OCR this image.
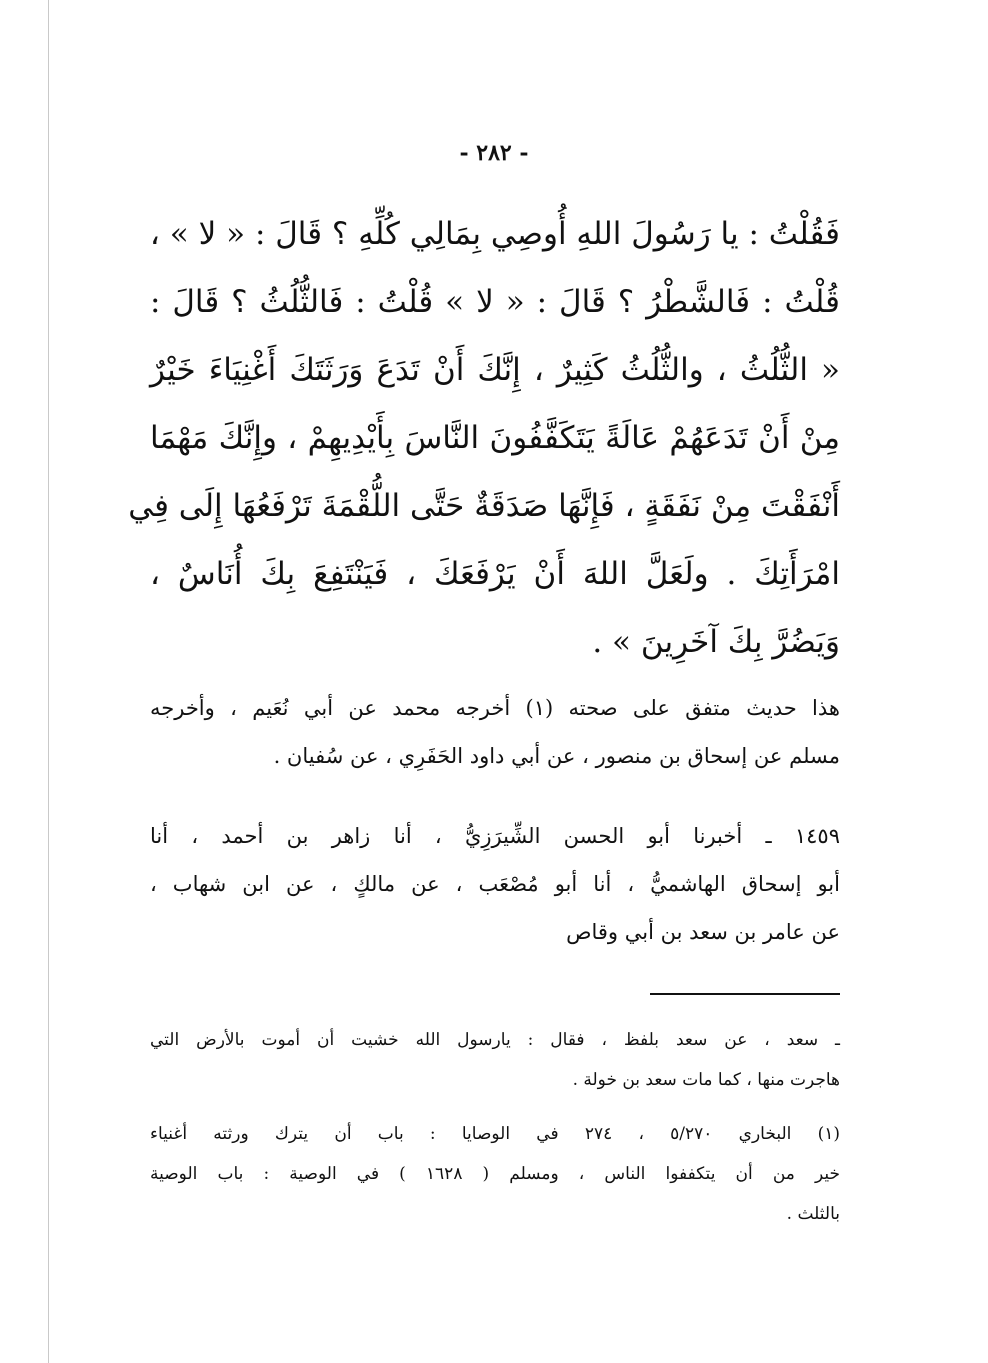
- ٢٨٢ -
فَقُلْتُ : يا رَسُولَ اللهِ أُوصِي بِمَالِي كُلِّهِ ؟ قَالَ : « لا » ،
قُلْتُ : فَالشَّطْرُ ؟ قَالَ : « لا » قُلْتُ : فَالثُّلُثُ ؟ قَالَ :
« الثُّلُثُ ، والثُّلُثُ كَثِيرٌ ، إِنَّكَ أَنْ تَدَعَ وَرَثَتَكَ أَغْنِيَاءَ خَيْرٌ
مِنْ أَنْ تَدَعَهُمْ عَالَةً يَتَكَفَّفُونَ النَّاسَ بِأَيْدِيهِمْ ، وإِنَّكَ مَهْمَا
أَنْفَقْتَ مِنْ نَفَقَةٍ ، فَإِنَّهَا صَدَقَةٌ حَتَّى اللُّقْمَةَ تَرْفَعُهَا إِلَى فِي
امْرَأَتِكَ . ولَعَلَّ اللهَ أَنْ يَرْفَعَكَ ، فَيَنْتَفِعَ بِكَ أُنَاسٌ ،
وَيَضُرَّ بِكَ آخَرِينَ » .
هذا حديث متفق على صحته (١) أخرجه محمد عن أبي نُعَيم ، وأخرجه
مسلم عن إسحاق بن منصور ، عن أبي داود الحَفَرِي ، عن سُفيان .
١٤٥٩ ـ أخبرنا أبو الحسن الشِّيرَزِيُّ ، أنا زاهر بن أحمد ، أنا
أبو إسحاق الهاشميُّ ، أنا أبو مُصْعَب ، عن مالكٍ ، عن ابن شهاب ،
عن عامر بن سعد بن أبي وقاص
ـ سعد ، عن سعد بلفظ ، فقال : يارسول الله خشيت أن أموت بالأرض التي
هاجرت منها ، كما مات سعد بن خولة .
(١) البخاري ٥/٢٧٠ ، ٢٧٤ في الوصايا : باب أن يترك ورثته أغنياء
خير من أن يتكففوا الناس ، ومسلم ( ١٦٢٨ ) في الوصية : باب الوصية
بالثلث .
